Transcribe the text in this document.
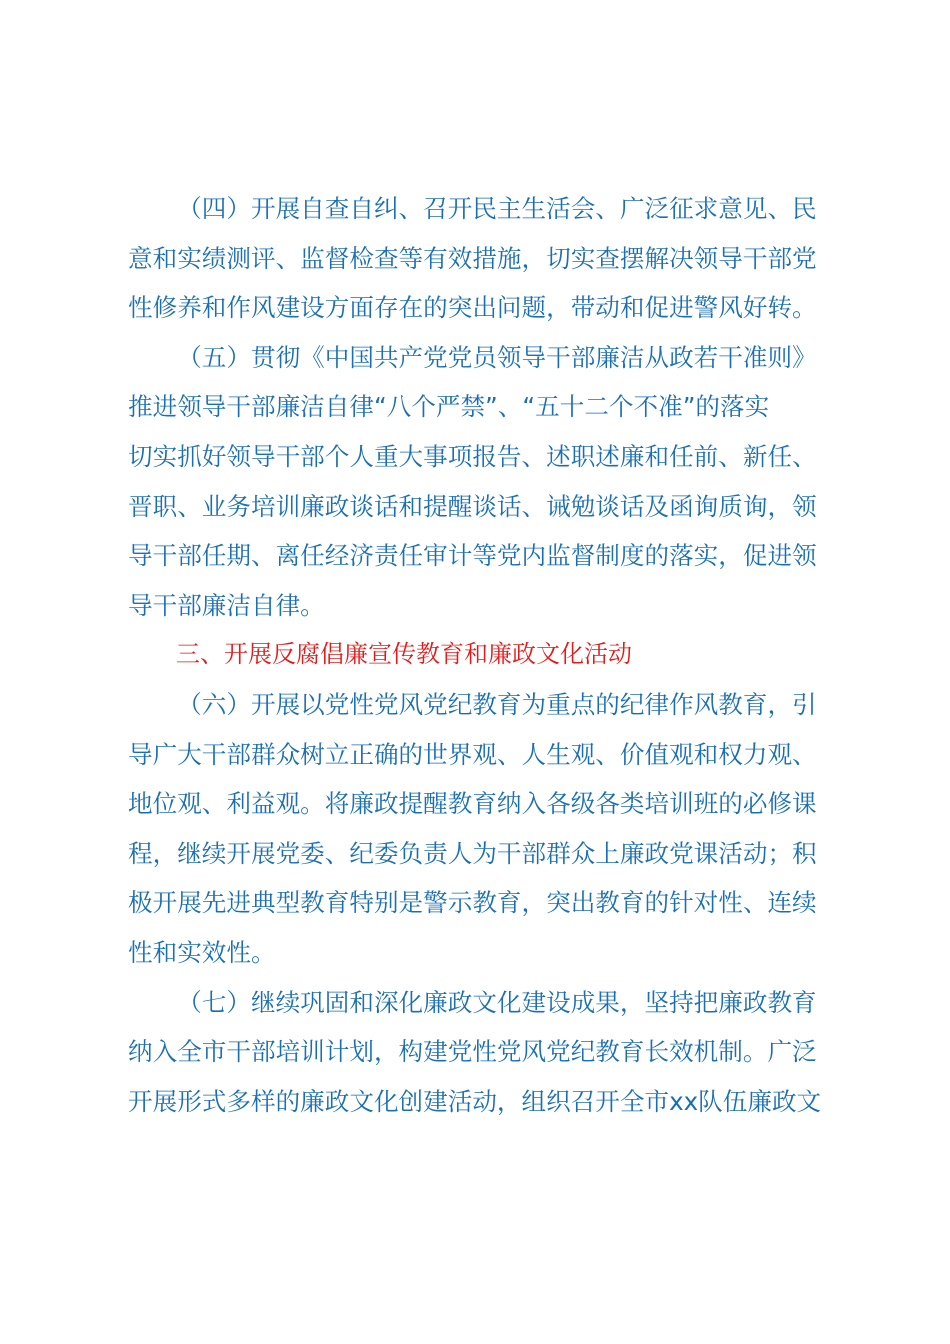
（四）开展自查自纠、召开民主生活会、广泛征求意见、民
意和实绩测评、监督检查等有效措施，切实查摆解决领导干部党
性修养和作风建设方面存在的突出问题，带动和促进警风好转。

（五）贯彻《中国共产党党员领导干部廉洁从政若干准则》
推进领导干部廉洁自律“八个严禁”、“五十二个不准”的落实
切实抓好领导干部个人重大事项报告、述职述廉和任前、新任、
晋职、业务培训廉政谈话和提醒谈话、诫勉谈话及函询质询，领
导干部任期、离任经济责任审计等党内监督制度的落实，促进领
导干部廉洁自律。

三、开展反腐倡廉宣传教育和廉政文化活动

（六）开展以党性党风党纪教育为重点的纪律作风教育，引
导广大干部群众树立正确的世界观、人生观、价值观和权力观、
地位观、利益观。将廉政提醒教育纳入各级各类培训班的必修课
程，继续开展党委、纪委负责人为干部群众上廉政党课活动；积
极开展先进典型教育特别是警示教育，突出教育的针对性、连续
性和实效性。

（七）继续巩固和深化廉政文化建设成果，坚持把廉政教育
纳入全市干部培训计划，构建党性党风党纪教育长效机制。广泛
开展形式多样的廉政文化创建活动，组织召开全市xx队伍廉政文
